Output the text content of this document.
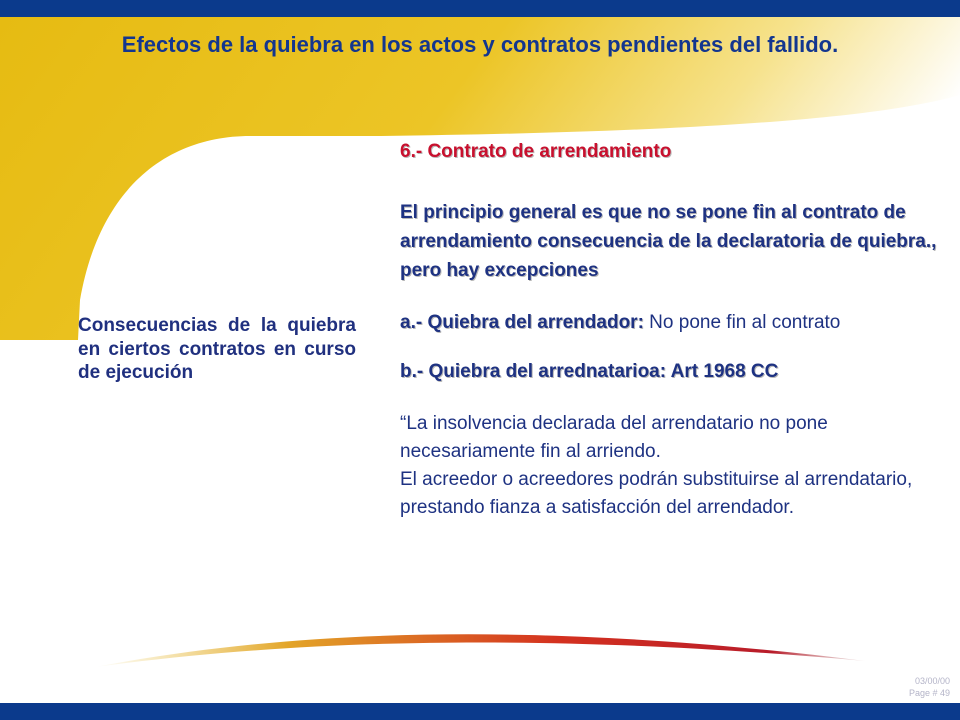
Efectos de la quiebra en los actos y contratos pendientes del fallido.
Consecuencias de la quiebra en ciertos contratos en curso de ejecución
6.- Contrato de arrendamiento
El principio general es que no se pone fin al contrato de arrendamiento consecuencia de la declaratoria de quiebra., pero hay excepciones
a.- Quiebra del arrendador: No pone fin al contrato
b.- Quiebra del arrednatarioa: Art 1968 CC

“La insolvencia declarada del arrendatario no pone necesariamente fin al arriendo.

El acreedor o acreedores podrán substituirse al arrendatario, prestando fianza a satisfacción del arrendador.

03/00/00
Page # 49
